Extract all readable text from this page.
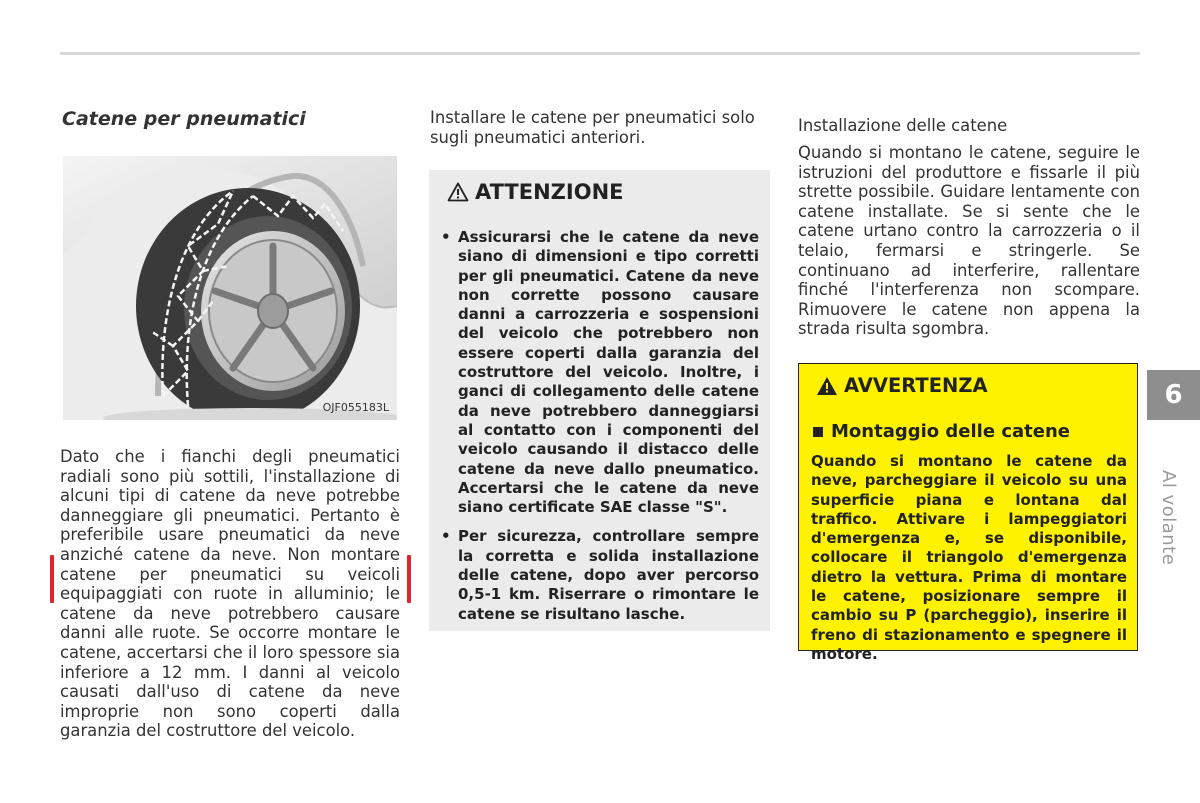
Catene per pneumatici
OJF055183L

Dato che i fianchi degli pneumatici radiali sono più sottili, l'installazione di alcuni tipi di catene da neve potrebbe danneggiare gli pneumatici. Pertanto è preferibile usare pneumatici da neve anziché catene da neve. Non montare catene per pneumatici su veicoli equipaggiati con ruote in alluminio; le catene da neve potrebbero causare danni alle ruote. Se occorre montare le catene, accertarsi che il loro spessore sia inferiore a 12 mm. I danni al veicolo causati dall'uso di catene da neve improprie non sono coperti dalla garanzia del costruttore del veicolo.

Installare le catene per pneumatici solo sugli pneumatici anteriori.
ATTENZIONE
• Assicurarsi che le catene da neve siano di dimensioni e tipo corretti per gli pneumatici. Catene da neve non corrette possono causare danni a carrozzeria e sospensioni del veicolo che potrebbero non essere coperti dalla garanzia del costruttore del veicolo. Inoltre, i ganci di collegamento delle catene da neve potrebbero danneggiarsi al contatto con i componenti del veicolo causando il distacco delle catene da neve dallo pneumatico. Accertarsi che le catene da neve siano certificate SAE classe "S".
• Per sicurezza, controllare sempre la corretta e solida installazione delle catene, dopo aver percorso 0,5-1 km. Riserrare o rimontare le catene se risultano lasche.
Installazione delle catene
Quando si montano le catene, seguire le istruzioni del produttore e fissarle il più strette possibile. Guidare lentamente con catene installate. Se si sente che le catene urtano contro la carrozzeria o il telaio, fermarsi e stringerle. Se continuano ad interferire, rallentare finché l'interferenza non scompare. Rimuovere le catene non appena la strada risulta sgombra.
AVVERTENZA
Montaggio delle catene
Quando si montano le catene da neve, parcheggiare il veicolo su una superficie piana e lontana dal traffico. Attivare i lampeggiatori d'emergenza e, se disponibile, collocare il triangolo d'emergenza dietro la vettura. Prima di montare le catene, posizionare sempre il cambio su P (parcheggio), inserire il freno di stazionamento e spegnere il motore.
6
Al volante
